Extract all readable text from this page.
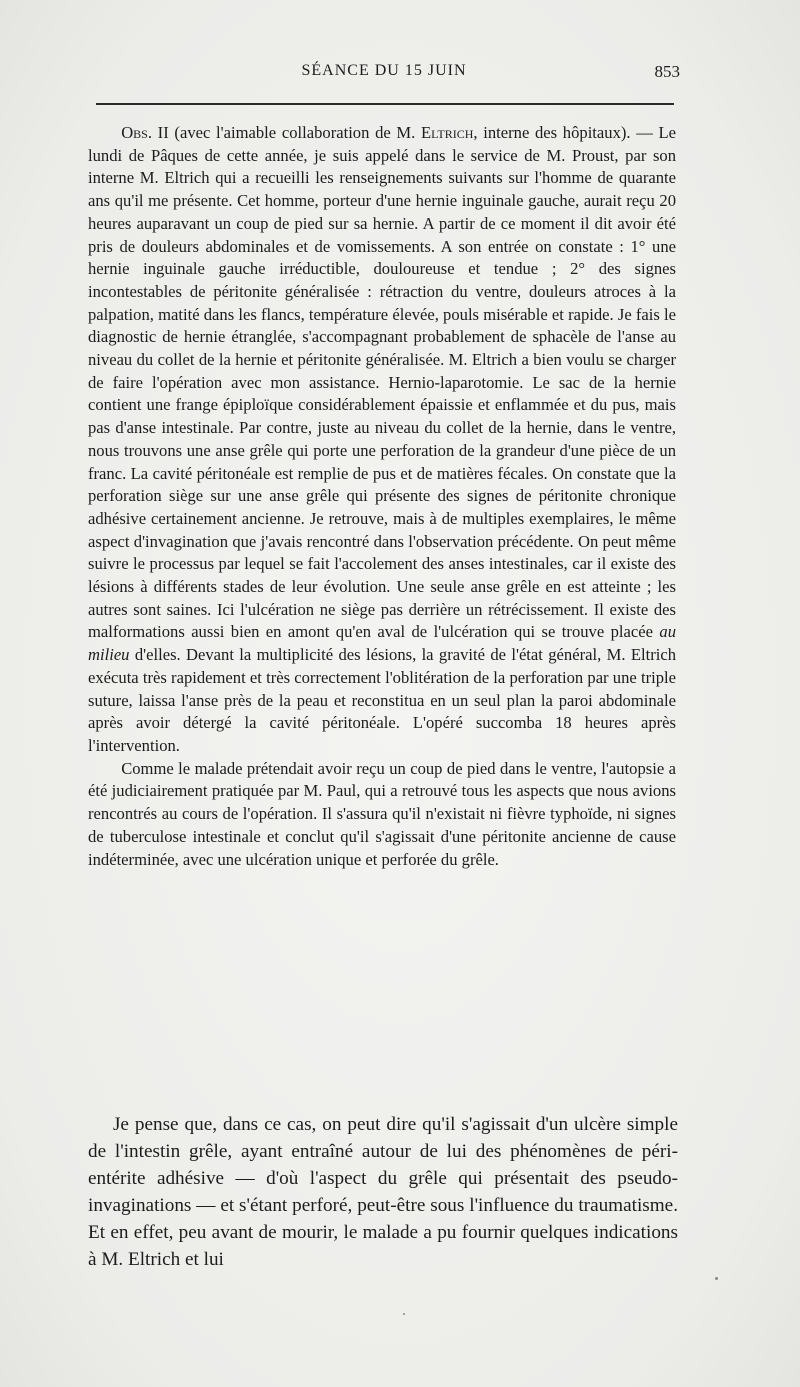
SÉANCE DU 15 JUIN	853

Obs. II (avec l'aimable collaboration de M. Eltrich, interne des hôpitaux). — Le lundi de Pâques de cette année, je suis appelé dans le service de M. Proust, par son interne M. Eltrich qui a recueilli les renseignements suivants sur l'homme de quarante ans qu'il me présente. Cet homme, porteur d'une hernie inguinale gauche, aurait reçu 20 heures auparavant un coup de pied sur sa hernie. A partir de ce moment il dit avoir été pris de douleurs abdominales et de vomissements. A son entrée on constate : 1° une hernie inguinale gauche irréductible, douloureuse et tendue ; 2° des signes incontestables de péritonite généralisée : rétraction du ventre, douleurs atroces à la palpation, matité dans les flancs, température élevée, pouls misérable et rapide. Je fais le diagnostic de hernie étranglée, s'accompagnant probablement de sphacèle de l'anse au niveau du collet de la hernie et péritonite généralisée. M. Eltrich a bien voulu se charger de faire l'opération avec mon assistance. Hernio-laparotomie. Le sac de la hernie contient une frange épiploïque considérablement épaissie et enflammée et du pus, mais pas d'anse intestinale. Par contre, juste au niveau du collet de la hernie, dans le ventre, nous trouvons une anse grêle qui porte une perforation de la grandeur d'une pièce de un franc. La cavité péritonéale est remplie de pus et de matières fécales. On constate que la perforation siège sur une anse grêle qui présente des signes de péritonite chronique adhésive certainement ancienne. Je retrouve, mais à de multiples exemplaires, le même aspect d'invagination que j'avais rencontré dans l'observation précédente. On peut même suivre le processus par lequel se fait l'accolement des anses intestinales, car il existe des lésions à différents stades de leur évolution. Une seule anse grêle en est atteinte ; les autres sont saines. Ici l'ulcération ne siège pas derrière un rétrécissement. Il existe des malformations aussi bien en amont qu'en aval de l'ulcération qui se trouve placée au milieu d'elles. Devant la multiplicité des lésions, la gravité de l'état général, M. Eltrich exécuta très rapidement et très correctement l'oblitération de la perforation par une triple suture, laissa l'anse près de la peau et reconstitua en un seul plan la paroi abdominale après avoir détergé la cavité péritonéale. L'opéré succomba 18 heures après l'intervention.

Comme le malade prétendait avoir reçu un coup de pied dans le ventre, l'autopsie a été judiciairement pratiquée par M. Paul, qui a retrouvé tous les aspects que nous avions rencontrés au cours de l'opération. Il s'assura qu'il n'existait ni fièvre typhoïde, ni signes de tuberculose intestinale et conclut qu'il s'agissait d'une péritonite ancienne de cause indéterminée, avec une ulcération unique et perforée du grêle.

Je pense que, dans ce cas, on peut dire qu'il s'agissait d'un ulcère simple de l'intestin grêle, ayant entraîné autour de lui des phénomènes de péri-entérite adhésive — d'où l'aspect du grêle qui présentait des pseudo-invaginations — et s'étant perforé, peut-être sous l'influence du traumatisme. Et en effet, peu avant de mourir, le malade a pu fournir quelques indications à M. Eltrich et lui
